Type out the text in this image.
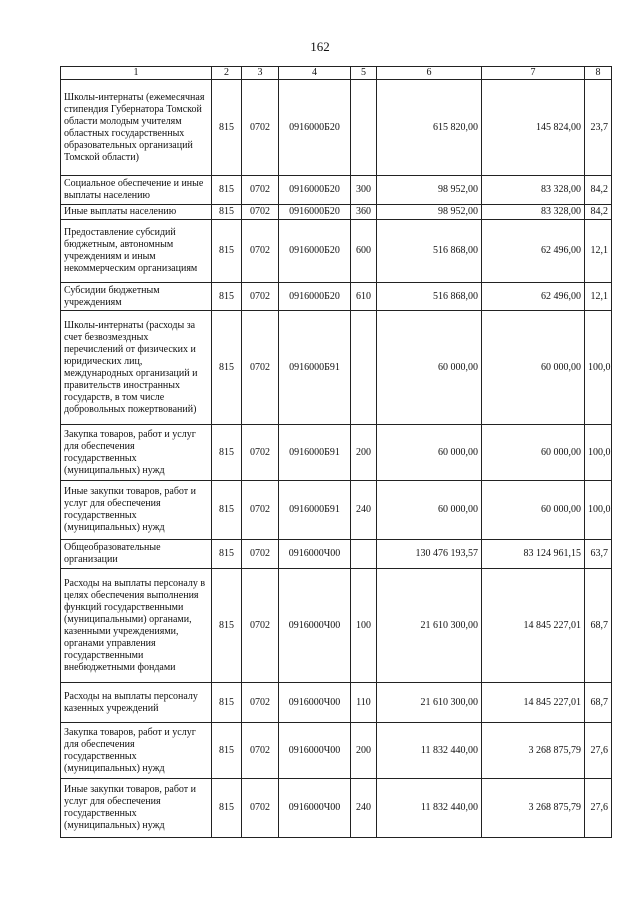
162
1	2	3	4	5	6	7	8
Школы-интернаты (ежемесячная стипендия Губернатора Томской области молодым учителям областных государственных образовательных организаций Томской области)	815	0702	0916000Б20		615 820,00	145 824,00	23,7
Социальное обеспечение и иные выплаты населению	815	0702	0916000Б20	300	98 952,00	83 328,00	84,2
Иные выплаты населению	815	0702	0916000Б20	360	98 952,00	83 328,00	84,2
Предоставление субсидий бюджетным, автономным учреждениям и иным некоммерческим организациям	815	0702	0916000Б20	600	516 868,00	62 496,00	12,1
Субсидии бюджетным учреждениям	815	0702	0916000Б20	610	516 868,00	62 496,00	12,1
Школы-интернаты (расходы за счет безвозмездных перечислений от физических и юридических лиц, международных организаций и правительств иностранных государств, в том числе добровольных пожертвований)	815	0702	0916000Б91		60 000,00	60 000,00	100,0
Закупка товаров, работ и услуг для обеспечения государственных (муниципальных) нужд	815	0702	0916000Б91	200	60 000,00	60 000,00	100,0
Иные закупки товаров, работ и услуг для обеспечения государственных (муниципальных) нужд	815	0702	0916000Б91	240	60 000,00	60 000,00	100,0
Общеобразовательные организации	815	0702	0916000Ч00		130 476 193,57	83 124 961,15	63,7
Расходы на выплаты персоналу в целях обеспечения выполнения функций государственными (муниципальными) органами, казенными учреждениями, органами управления государственными внебюджетными фондами	815	0702	0916000Ч00	100	21 610 300,00	14 845 227,01	68,7
Расходы на выплаты персоналу казенных учреждений	815	0702	0916000Ч00	110	21 610 300,00	14 845 227,01	68,7
Закупка товаров, работ и услуг для обеспечения государственных (муниципальных) нужд	815	0702	0916000Ч00	200	11 832 440,00	3 268 875,79	27,6
Иные закупки товаров, работ и услуг для обеспечения государственных (муниципальных) нужд	815	0702	0916000Ч00	240	11 832 440,00	3 268 875,79	27,6
